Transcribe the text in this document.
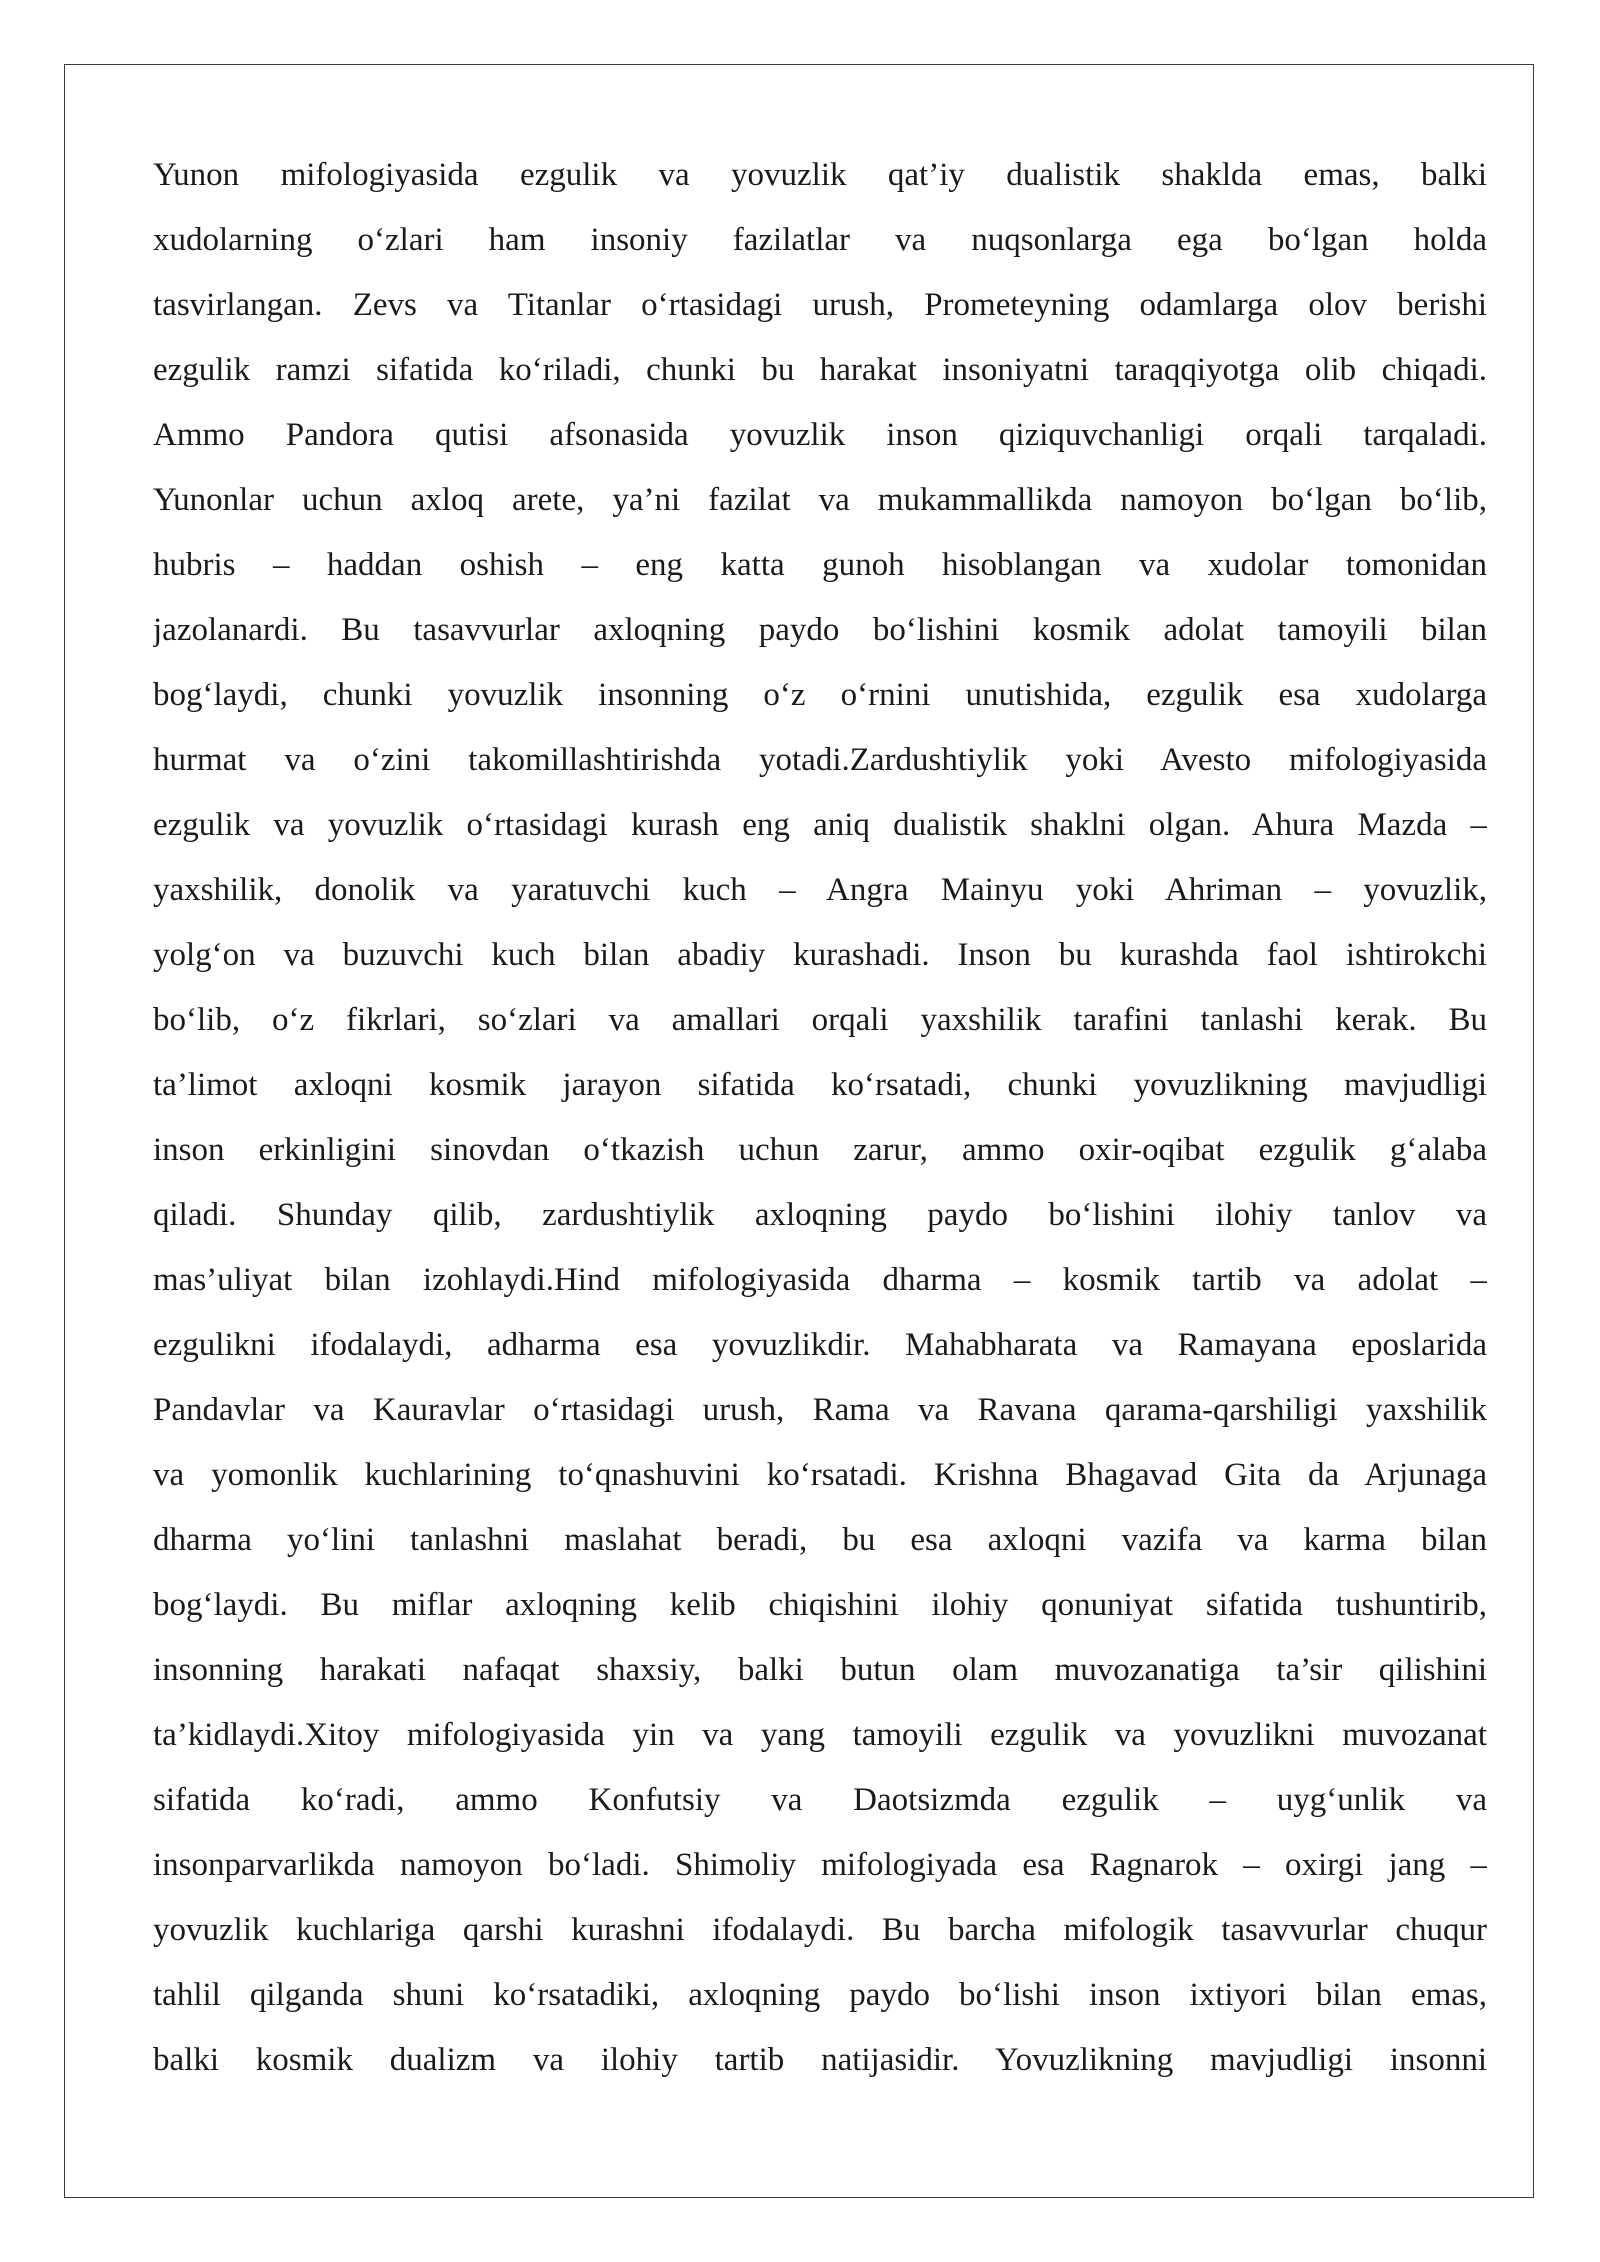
Yunon mifologiyasida ezgulik va yovuzlik qat’iy dualistik shaklda emas, balki
xudolarning o‘zlari ham insoniy fazilatlar va nuqsonlarga ega bo‘lgan holda
tasvirlangan. Zevs va Titanlar o‘rtasidagi urush, Prometeyning odamlarga olov berishi
ezgulik ramzi sifatida ko‘riladi, chunki bu harakat insoniyatni taraqqiyotga olib chiqadi.
Ammo Pandora qutisi afsonasida yovuzlik inson qiziquvchanligi orqali tarqaladi.
Yunonlar uchun axloq arete, ya’ni fazilat va mukammallikda namoyon bo‘lgan bo‘lib,
hubris – haddan oshish – eng katta gunoh hisoblangan va xudolar tomonidan
jazolanardi. Bu tasavvurlar axloqning paydo bo‘lishini kosmik adolat tamoyili bilan
bog‘laydi, chunki yovuzlik insonning o‘z o‘rnini unutishida, ezgulik esa xudolarga
hurmat va o‘zini takomillashtirishda yotadi.Zardushtiylik yoki Avesto mifologiyasida
ezgulik va yovuzlik o‘rtasidagi kurash eng aniq dualistik shaklni olgan. Ahura Mazda –
yaxshilik, donolik va yaratuvchi kuch – Angra Mainyu yoki Ahriman – yovuzlik,
yolg‘on va buzuvchi kuch bilan abadiy kurashadi. Inson bu kurashda faol ishtirokchi
bo‘lib, o‘z fikrlari, so‘zlari va amallari orqali yaxshilik tarafini tanlashi kerak. Bu
ta’limot axloqni kosmik jarayon sifatida ko‘rsatadi, chunki yovuzlikning mavjudligi
inson erkinligini sinovdan o‘tkazish uchun zarur, ammo oxir-oqibat ezgulik g‘alaba
qiladi. Shunday qilib, zardushtiylik axloqning paydo bo‘lishini ilohiy tanlov va
mas’uliyat bilan izohlaydi.Hind mifologiyasida dharma – kosmik tartib va adolat –
ezgulikni ifodalaydi, adharma esa yovuzlikdir. Mahabharata va Ramayana eposlarida
Pandavlar va Kauravlar o‘rtasidagi urush, Rama va Ravana qarama-qarshiligi yaxshilik
va yomonlik kuchlarining to‘qnashuvini ko‘rsatadi. Krishna Bhagavad Gita da Arjunaga
dharma yo‘lini tanlashni maslahat beradi, bu esa axloqni vazifa va karma bilan
bog‘laydi. Bu miflar axloqning kelib chiqishini ilohiy qonuniyat sifatida tushuntirib,
insonning harakati nafaqat shaxsiy, balki butun olam muvozanatiga ta’sir qilishini
ta’kidlaydi.Xitoy mifologiyasida yin va yang tamoyili ezgulik va yovuzlikni muvozanat
sifatida ko‘radi, ammo Konfutsiy va Daotsizmda ezgulik – uyg‘unlik va
insonparvarlikda namoyon bo‘ladi. Shimoliy mifologiyada esa Ragnarok – oxirgi jang –
yovuzlik kuchlariga qarshi kurashni ifodalaydi. Bu barcha mifologik tasavvurlar chuqur
tahlil qilganda shuni ko‘rsatadiki, axloqning paydo bo‘lishi inson ixtiyori bilan emas,
balki kosmik dualizm va ilohiy tartib natijasidir. Yovuzlikning mavjudligi insonni
